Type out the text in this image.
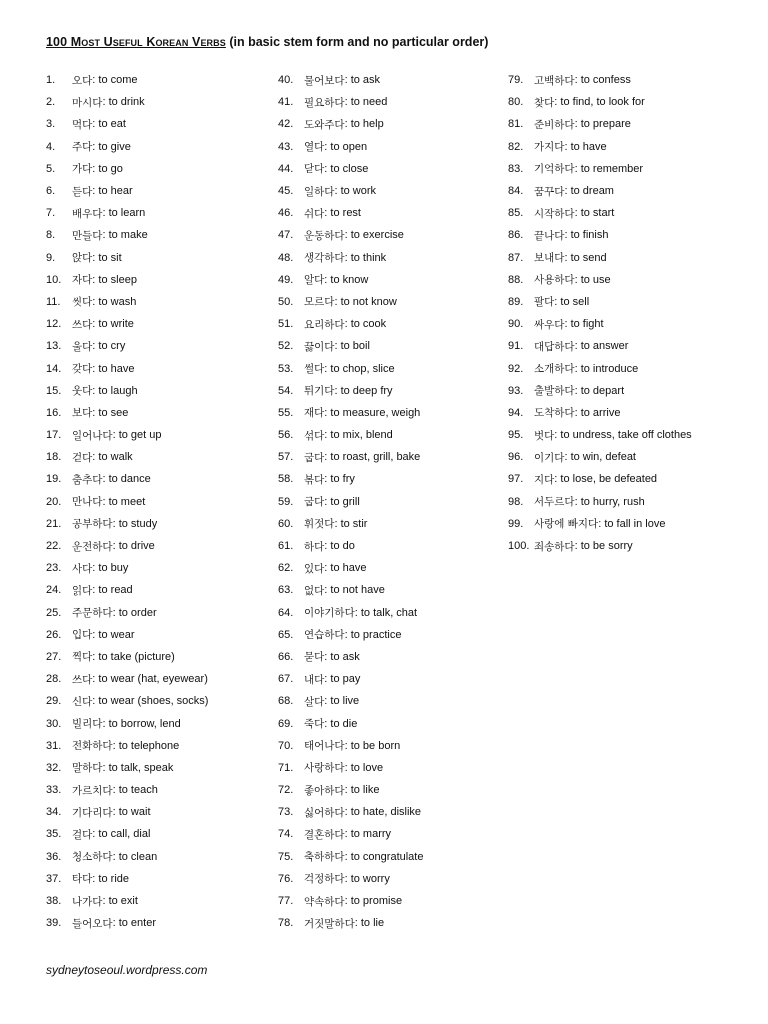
100 Most Useful Korean Verbs (in basic stem form and no particular order)
1.	오다 : to come
2.	마시다 : to drink
3.	먹다 : to eat
4.	주다 : to give
5.	가다 : to go
6.	듣다 : to hear
7.	배우다 : to learn
8.	만들다 : to make
9.	앉다 : to sit
10.	자다 : to sleep
11.	씻다 : to wash
12.	쓰다 : to write
13.	울다 : to cry
14.	갖다 : to have
15.	웃다 : to laugh
16.	보다 : to see
17.	일어나다 : to get up
18.	걷다 : to walk
19.	춤추다 : to dance
20.	만나다 : to meet
21.	공부하다 : to study
22.	운전하다 : to drive
23.	사다 : to buy
24.	읽다 : to read
25.	주문하다 : to order
26.	입다 : to wear
27.	찍다 : to take (picture)
28.	쓰다 : to wear (hat, eyewear)
29.	신다 : to wear (shoes, socks)
30.	빌리다 : to borrow, lend
31.	전화하다 : to telephone
32.	말하다 : to talk, speak
33.	가르치다 : to teach
34.	기다리다 : to wait
35.	걸다 : to call, dial
36.	청소하다 : to clean
37.	타다 : to ride
38.	나가다 : to exit
39.	들어오다 : to enter
40.	물어보다 : to ask
41.	필요하다 : to need
42.	도와주다 : to help
43.	열다 : to open
44.	닫다 : to close
45.	일하다 : to work
46.	쉬다 : to rest
47.	운동하다 : to exercise
48.	생각하다 : to think
49.	알다 : to know
50.	모르다 : to not know
51.	요리하다 : to cook
52.	끓이다 : to boil
53.	썰다 : to chop, slice
54.	튀기다 : to deep fry
55.	재다 : to measure, weigh
56.	섞다 : to mix, blend
57.	굽다 : to roast, grill, bake
58.	볶다 : to fry
59.	굽다 : to grill
60.	휘젓다 : to stir
61.	하다 : to do
62.	있다 : to have
63.	없다 : to not have
64.	이야기하다 : to talk, chat
65.	연습하다 : to practice
66.	묻다 : to ask
67.	내다 : to pay
68.	살다 : to live
69.	죽다 : to die
70.	태어나다 : to be born
71.	사랑하다 : to love
72.	좋아하다 : to like
73.	싫어하다 : to hate, dislike
74.	결혼하다 : to marry
75.	축하하다 : to congratulate
76.	걱정하다 : to worry
77.	약속하다 : to promise
78.	거짓말하다 : to lie
79.	고백하다 : to confess
80.	찾다 : to find, to look for
81.	준비하다 : to prepare
82.	가지다 : to have
83.	기억하다 : to remember
84.	꿈꾸다 : to dream
85.	시작하다 : to start
86.	끝나다 : to finish
87.	보내다 : to send
88.	사용하다 : to use
89.	팔다 : to sell
90.	싸우다 : to fight
91.	대답하다 : to answer
92.	소개하다 : to introduce
93.	출발하다 : to depart
94.	도착하다 : to arrive
95.	벗다 : to undress, take off clothes
96.	이기다 : to win, defeat
97.	지다 : to lose, be defeated
98.	서두르다 : to hurry, rush
99.	사랑에 빠지다 : to fall in love
100. 죄송하다 : to be sorry
sydneytoseoul.wordpress.com
